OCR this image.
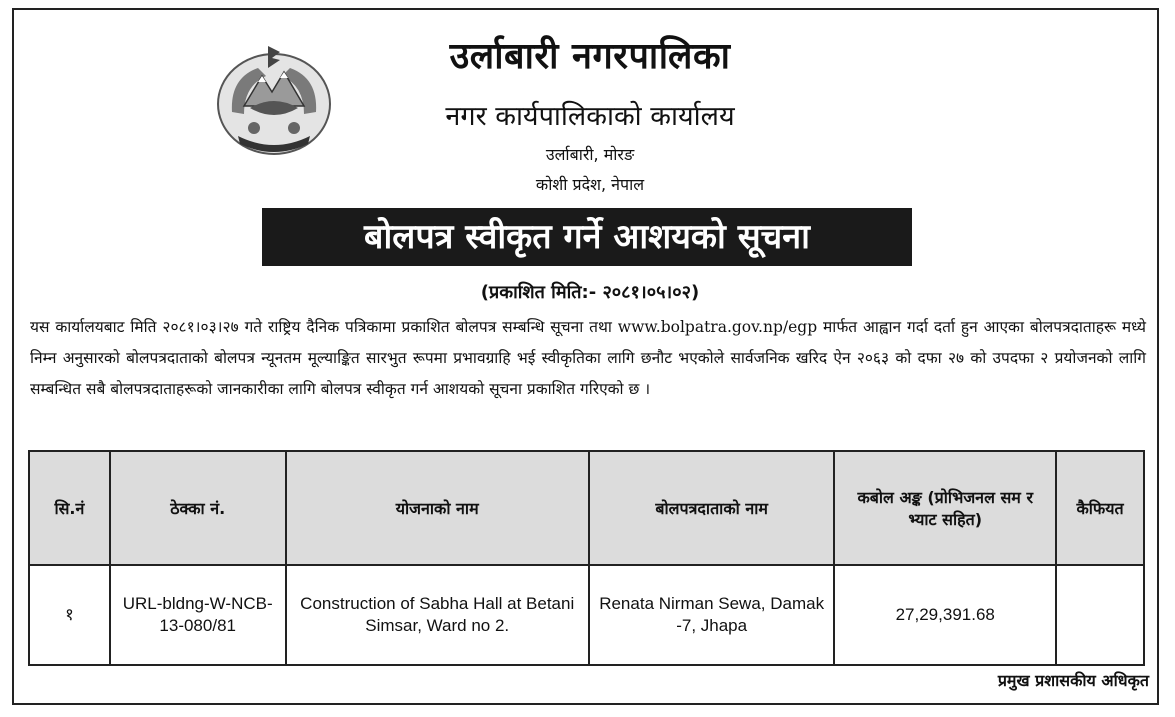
उर्लाबारी नगरपालिका
नगर कार्यपालिकाको कार्यालय
उर्लाबारी, मोरङ
कोशी प्रदेश, नेपाल
बोलपत्र स्वीकृत गर्ने आशयको सूचना
(प्रकाशित मिति:- २०८१।०५।०२)
यस कार्यालयबाट मिति २०८१।०३।२७ गते राष्ट्रिय दैनिक पत्रिकामा प्रकाशित बोलपत्र सम्बन्धि सूचना तथा www.bolpatra.gov.np/egp मार्फत आह्वान गर्दा दर्ता हुन आएका बोलपत्रदाताहरू मध्ये निम्न अनुसारको बोलपत्रदाताको बोलपत्र न्यूनतम मूल्याङ्कित सारभुत रूपमा प्रभावग्राहि भई स्वीकृतिका लागि छनौट भएकोले सार्वजनिक खरिद ऐन २०६३ को दफा २७ को उपदफा २ प्रयोजनको लागि सम्बन्धित सबै बोलपत्रदाताहरूको जानकारीका लागि बोलपत्र स्वीकृत गर्न आशयको सूचना प्रकाशित गरिएको छ ।
सि.नं	ठेक्का नं.	योजनाको नाम	बोलपत्रदाताको नाम	कबोल अङ्क (प्रोभिजनल सम र भ्याट सहित)	कैफियत
१	URL-bldng-W-NCB-13-080/81	Construction of Sabha Hall at Betani Simsar, Ward no 2.	Renata Nirman Sewa, Damak -7, Jhapa	27,29,391.68	
प्रमुख प्रशासकीय अधिकृत
